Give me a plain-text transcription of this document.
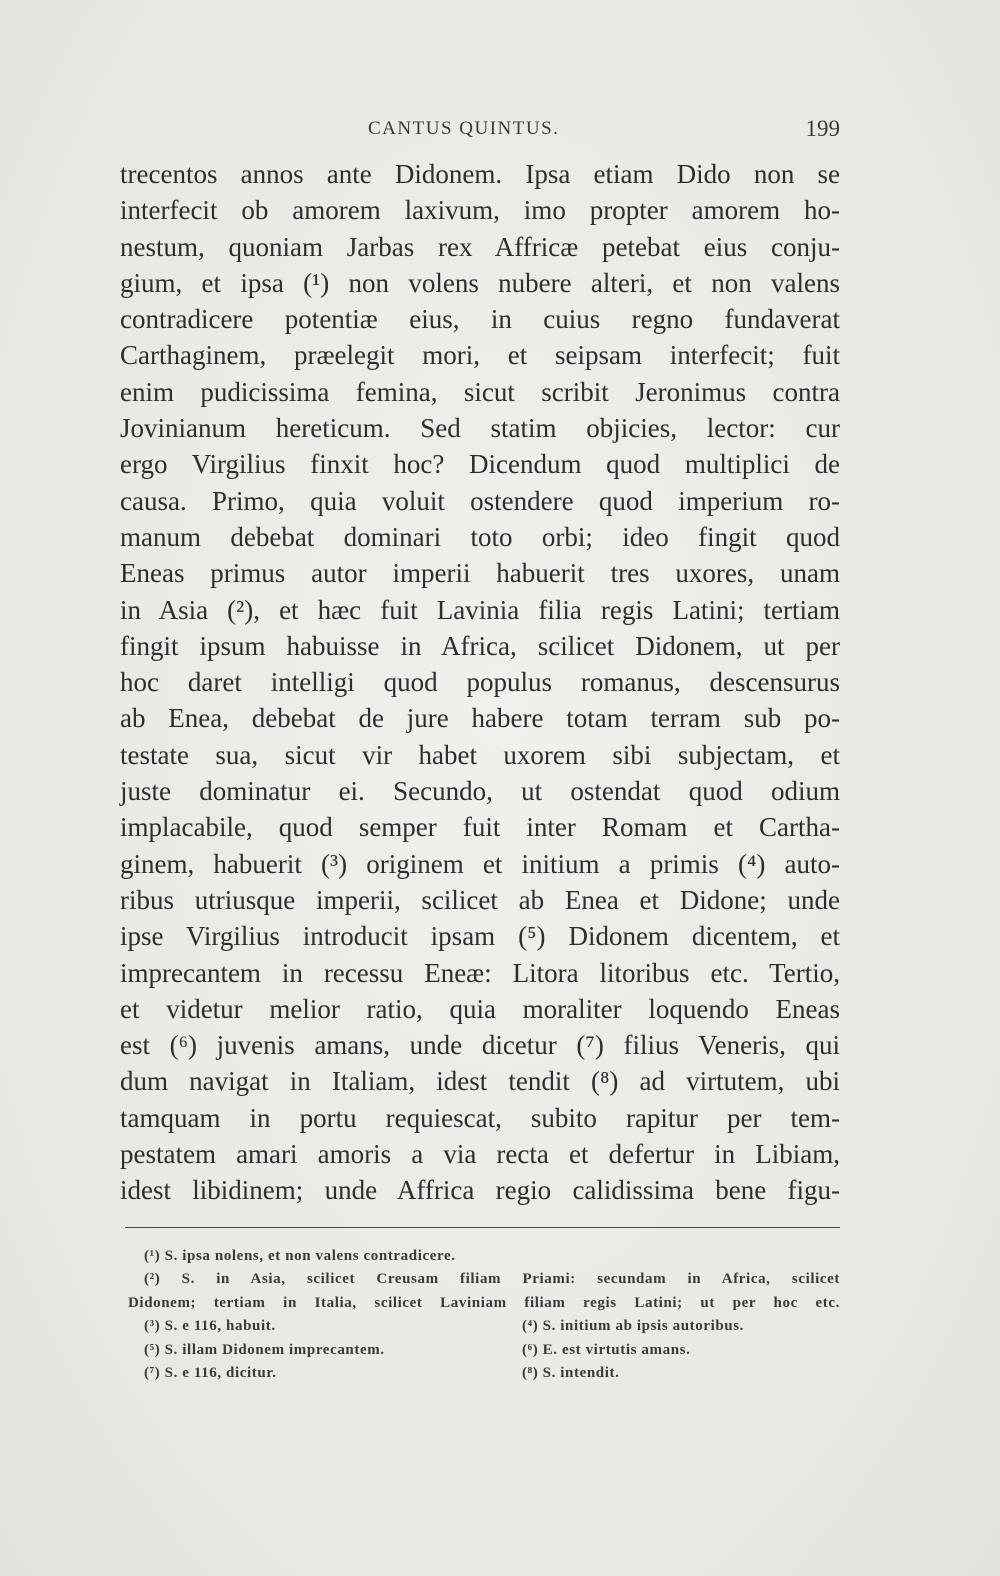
CANTUS QUINTUS.	199
trecentos annos ante Didonem. Ipsa etiam Dido non se
interfecit ob amorem laxivum, imo propter amorem ho-
nestum, quoniam Jarbas rex Affricæ petebat eius conju-
gium, et ipsa (¹) non volens nubere alteri, et non valens
contradicere potentiæ eius, in cuius regno fundaverat
Carthaginem, præelegit mori, et seipsam interfecit; fuit
enim pudicissima femina, sicut scribit Jeronimus contra
Jovinianum hereticum. Sed statim objicies, lector: cur
ergo Virgilius finxit hoc? Dicendum quod multiplici de
causa. Primo, quia voluit ostendere quod imperium ro-
manum debebat dominari toto orbi; ideo fingit quod
Eneas primus autor imperii habuerit tres uxores, unam
in Asia (²), et hæc fuit Lavinia filia regis Latini; tertiam
fingit ipsum habuisse in Africa, scilicet Didonem, ut per
hoc daret intelligi quod populus romanus, descensurus
ab Enea, debebat de jure habere totam terram sub po-
testate sua, sicut vir habet uxorem sibi subjectam, et
juste dominatur ei. Secundo, ut ostendat quod odium
implacabile, quod semper fuit inter Romam et Cartha-
ginem, habuerit (³) originem et initium a primis (⁴) auto-
ribus utriusque imperii, scilicet ab Enea et Didone; unde
ipse Virgilius introducit ipsam (⁵) Didonem dicentem, et
imprecantem in recessu Eneæ: Litora litoribus etc. Tertio,
et videtur melior ratio, quia moraliter loquendo Eneas
est (⁶) juvenis amans, unde dicetur (⁷) filius Veneris, qui
dum navigat in Italiam, idest tendit (⁸) ad virtutem, ubi
tamquam in portu requiescat, subito rapitur per tem-
pestatem amari amoris a via recta et defertur in Libiam,
idest libidinem; unde Affrica regio calidissima bene figu-
(¹) S. ipsa nolens, et non valens contradicere.
(²) S. in Asia, scilicet Creusam filiam Priami: secundam in Africa, scilicet
Didonem; tertiam in Italia, scilicet Laviniam filiam regis Latini; ut per hoc etc.
(³) S. e 116, habuit.	(⁴) S. initium ab ipsis autoribus.
(⁵) S. illam Didonem imprecantem.	(⁶) E. est virtutis amans.
(⁷) S. e 116, dicitur.	(⁸) S. intendit.
